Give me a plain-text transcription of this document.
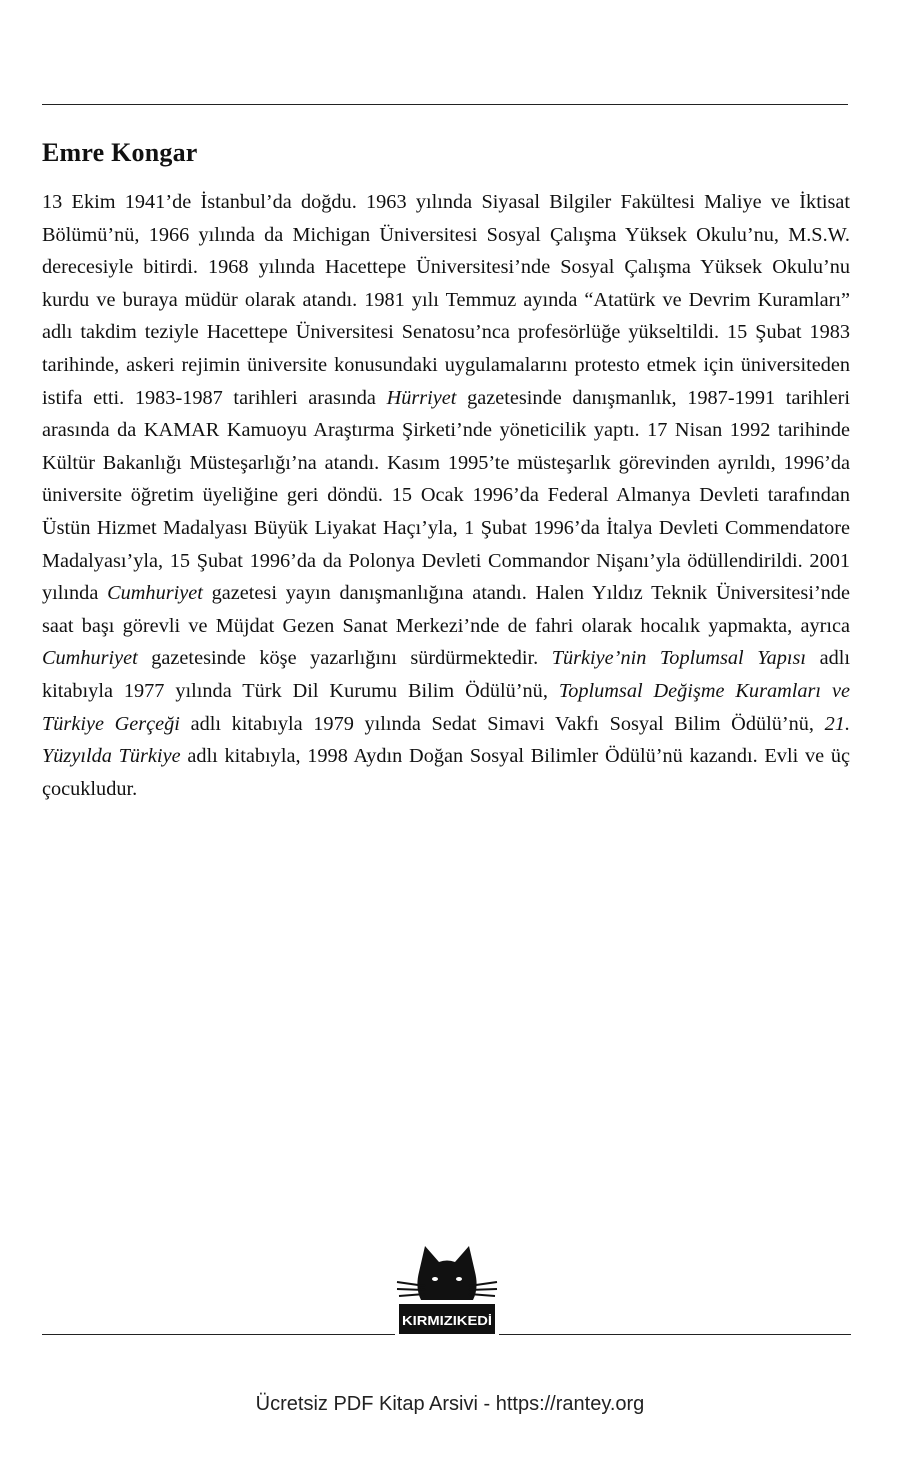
Emre Kongar

13 Ekim 1941’de İstanbul’da doğdu. 1963 yılında Siyasal Bilgiler Fakültesi Maliye ve İktisat Bölümü’nü, 1966 yılında da Michigan Üniversitesi Sosyal Çalışma Yüksek Okulu’nu, M.S.W. derecesiyle bitirdi. 1968 yılında Hacettepe Üniversitesi’nde Sosyal Çalışma Yüksek Okulu’nu kurdu ve buraya müdür olarak atandı. 1981 yılı Temmuz ayında “Atatürk ve Devrim Kuramları” adlı takdim teziyle Hacettepe Üniversitesi Senatosu’nca profesörlüğe yükseltildi. 15 Şubat 1983 tarihinde, askeri rejimin üniversite konusundaki uygulamalarını protesto etmek için üniversiteden istifa etti. 1983-1987 tarihleri arasında Hürriyet gazetesinde danışmanlık, 1987-1991 tarihleri arasında da KAMAR Kamuoyu Araştırma Şirketi’nde yöneticilik yaptı. 17 Nisan 1992 tarihinde Kültür Bakanlığı Müsteşarlığı’na atandı. Kasım 1995’te müsteşarlık görevinden ayrıldı, 1996’da üniversite öğretim üyeliğine geri döndü. 15 Ocak 1996’da Federal Almanya Devleti tarafından Üstün Hizmet Madalyası Büyük Liyakat Haçı’yla, 1 Şubat 1996’da İtalya Devleti Commendatore Madalyası’yla, 15 Şubat 1996’da da Polonya Devleti Commandor Nişanı’yla ödüllendirildi. 2001 yılında Cumhuriyet gazetesi yayın danışmanlığına atandı. Halen Yıldız Teknik Üniversitesi’nde saat başı görevli ve Müjdat Gezen Sanat Merkezi’nde de fahri olarak hocalık yapmakta, ayrıca Cumhuriyet gazetesinde köşe yazarlığını sürdürmektedir. Türkiye’nin Toplumsal Yapısı adlı kitabıyla 1977 yılında Türk Dil Kurumu Bilim Ödülü’nü, Toplumsal Değişme Kuramları ve Türkiye Gerçeği adlı kitabıyla 1979 yılında Sedat Simavi Vakfı Sosyal Bilim Ödülü’nü, 21. Yüzyılda Türkiye adlı kitabıyla, 1998 Aydın Doğan Sosyal Bilimler Ödülü’nü kazandı. Evli ve üç çocukludur.

KIRMIZIKEDİ
Ücretsiz PDF Kitap Arsivi - https://rantey.org
